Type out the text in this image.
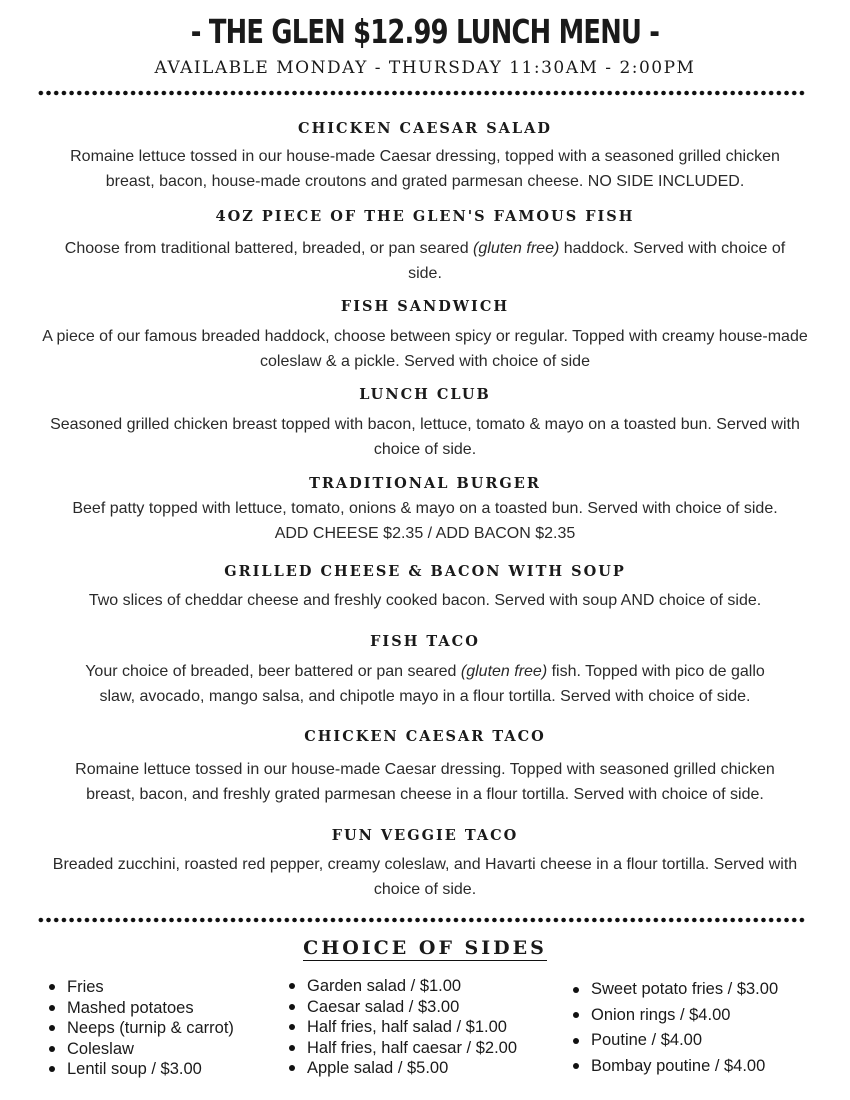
- THE GLEN $12.99 LUNCH MENU -
AVAILABLE MONDAY - THURSDAY 11:30AM - 2:00PM
CHICKEN CAESAR SALAD
Romaine lettuce tossed in our house-made Caesar dressing, topped with a seasoned grilled chicken breast, bacon, house-made croutons and grated parmesan cheese. NO SIDE INCLUDED.
4OZ PIECE OF THE GLEN'S FAMOUS FISH
Choose from traditional battered, breaded, or pan seared (gluten free) haddock. Served with choice of side.
FISH SANDWICH
A piece of our famous breaded haddock, choose between spicy or regular. Topped with creamy house-made coleslaw & a pickle. Served with choice of side
LUNCH CLUB
Seasoned grilled chicken breast topped with bacon, lettuce, tomato & mayo on a toasted bun. Served with choice of side.
TRADITIONAL BURGER
Beef patty topped with lettuce, tomato, onions & mayo on a toasted bun. Served with choice of side.
ADD CHEESE $2.35 / ADD BACON $2.35
GRILLED CHEESE & BACON WITH SOUP
Two slices of cheddar cheese and freshly cooked bacon. Served with soup AND choice of side.
FISH TACO
Your choice of breaded, beer battered or pan seared (gluten free) fish. Topped with pico de gallo slaw, avocado, mango salsa, and chipotle mayo in a flour tortilla. Served with choice of side.
CHICKEN CAESAR TACO
Romaine lettuce tossed in our house-made Caesar dressing. Topped with seasoned grilled chicken breast, bacon, and freshly grated parmesan cheese in a flour tortilla. Served with choice of side.
FUN VEGGIE TACO
Breaded zucchini, roasted red pepper, creamy coleslaw, and Havarti cheese in a flour tortilla. Served with choice of side.
CHOICE OF SIDES
Fries
Mashed potatoes
Neeps (turnip & carrot)
Coleslaw
Lentil soup / $3.00
Garden salad / $1.00
Caesar salad / $3.00
Half fries, half salad / $1.00
Half fries, half caesar / $2.00
Apple salad / $5.00
Sweet potato fries / $3.00
Onion rings / $4.00
Poutine / $4.00
Bombay poutine / $4.00
